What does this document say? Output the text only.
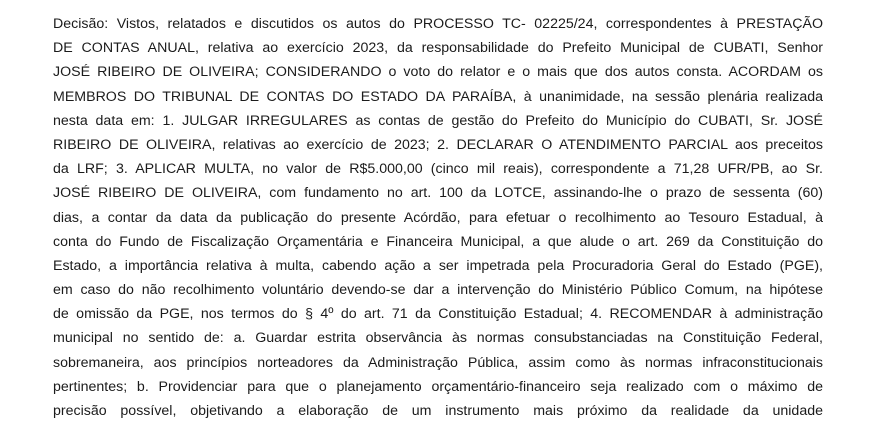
Decisão: Vistos, relatados e discutidos os autos do PROCESSO TC- 02225/24, correspondentes à PRESTAÇÃO
DE CONTAS ANUAL, relativa ao exercício 2023, da responsabilidade do Prefeito Municipal de CUBATI, Senhor
JOSÉ RIBEIRO DE OLIVEIRA; CONSIDERANDO o voto do relator e o mais que dos autos consta. ACORDAM os
MEMBROS DO TRIBUNAL DE CONTAS DO ESTADO DA PARAÍBA, à unanimidade, na sessão plenária realizada
nesta data em: 1. JULGAR IRREGULARES as contas de gestão do Prefeito do Município do CUBATI, Sr. JOSÉ
RIBEIRO DE OLIVEIRA, relativas ao exercício de 2023; 2. DECLARAR O ATENDIMENTO PARCIAL aos preceitos
da LRF; 3. APLICAR MULTA, no valor de R$5.000,00 (cinco mil reais), correspondente a 71,28 UFR/PB, ao Sr.
JOSÉ RIBEIRO DE OLIVEIRA, com fundamento no art. 100 da LOTCE, assinando-lhe o prazo de sessenta (60)
dias, a contar da data da publicação do presente Acórdão, para efetuar o recolhimento ao Tesouro Estadual, à
conta do Fundo de Fiscalização Orçamentária e Financeira Municipal, a que alude o art. 269 da Constituição do
Estado, a importância relativa à multa, cabendo ação a ser impetrada pela Procuradoria Geral do Estado (PGE),
em caso do não recolhimento voluntário devendo-se dar a intervenção do Ministério Público Comum, na hipótese
de omissão da PGE, nos termos do § 4º do art. 71 da Constituição Estadual; 4. RECOMENDAR à administração
municipal no sentido de: a. Guardar estrita observância às normas consubstanciadas na Constituição Federal,
sobremaneira, aos princípios norteadores da Administração Pública, assim como às normas infraconstitucionais
pertinentes; b. Providenciar para que o planejamento orçamentário-financeiro seja realizado com o máximo de
precisão possível, objetivando a elaboração de um instrumento mais próximo da realidade da unidade
